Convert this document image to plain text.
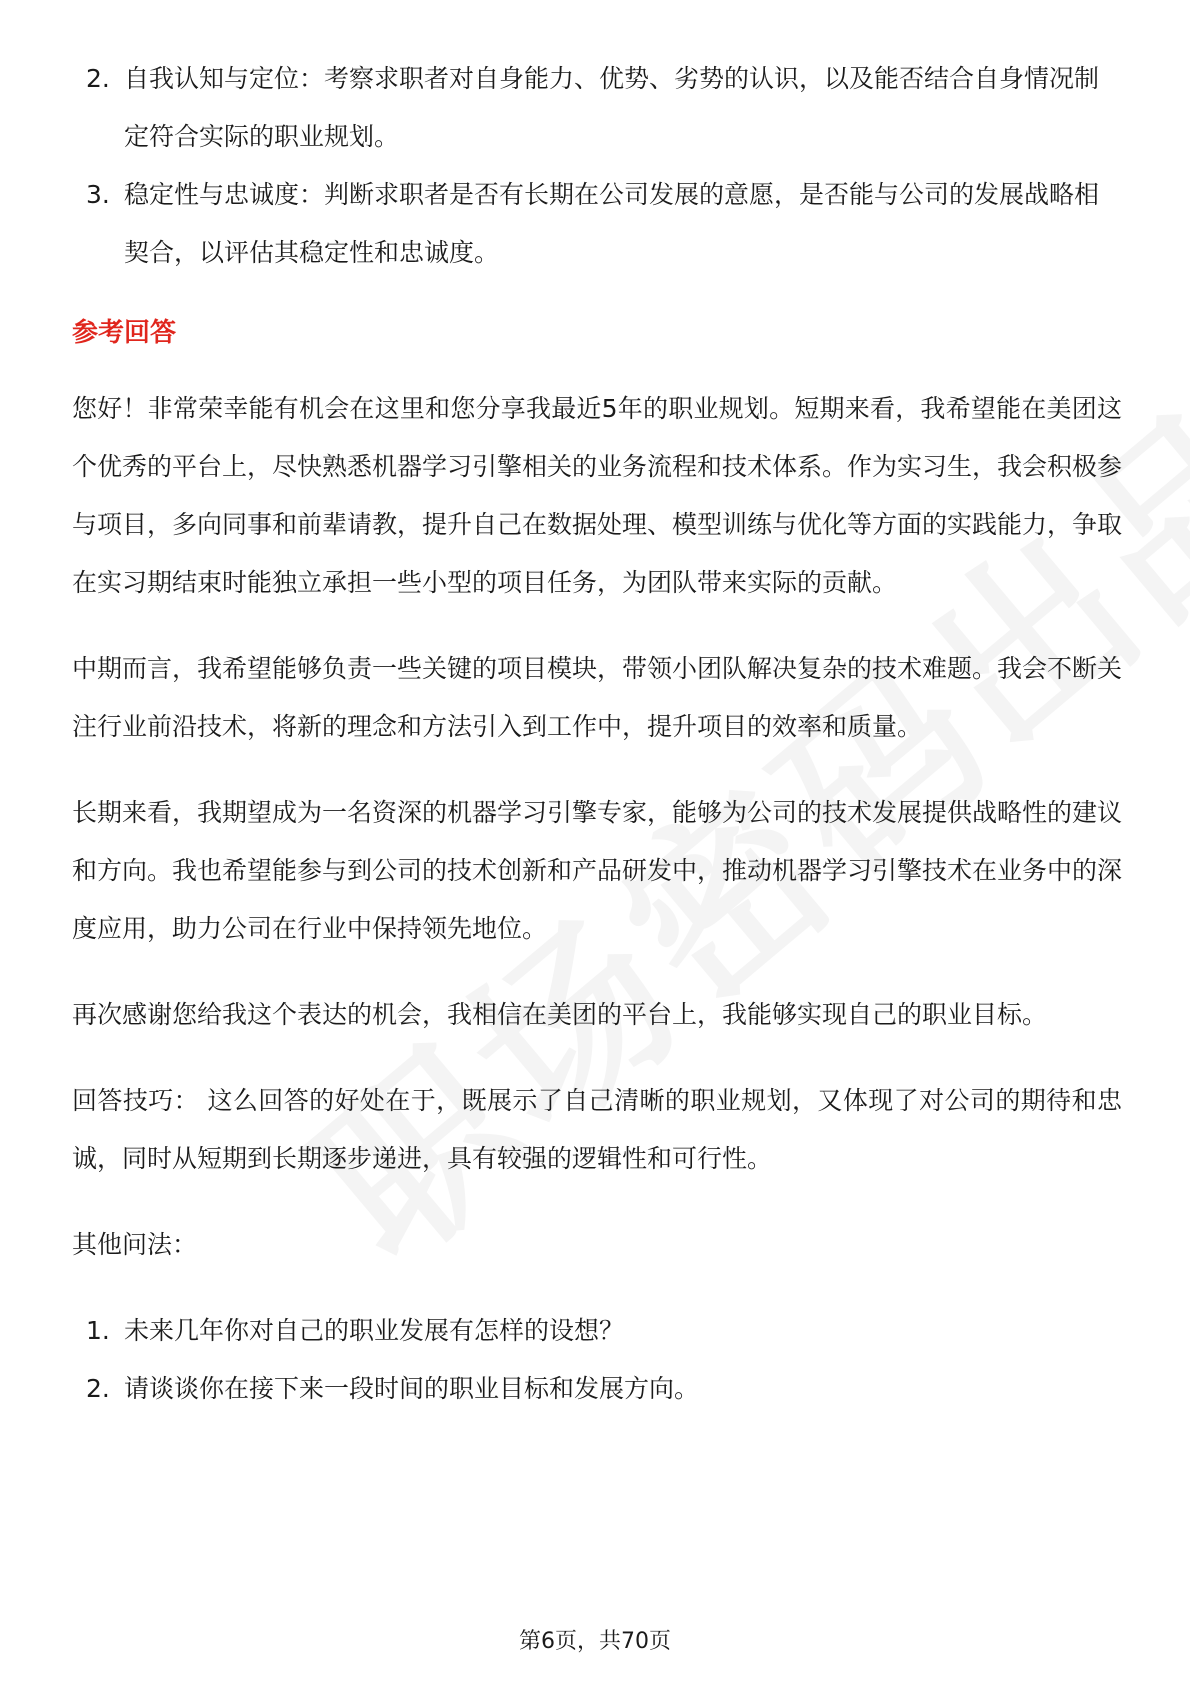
2. 自我认知与定位：考察求职者对自身能力、优势、劣势的认识，以及能否结合自身情况制定符合实际的职业规划。
3. 稳定性与忠诚度：判断求职者是否有长期在公司发展的意愿，是否能与公司的发展战略相契合，以评估其稳定性和忠诚度。
参考回答

您好！非常荣幸能有机会在这里和您分享我最近5年的职业规划。短期来看，我希望能在美团这个优秀的平台上，尽快熟悉机器学习引擎相关的业务流程和技术体系。作为实习生，我会积极参与项目，多向同事和前辈请教，提升自己在数据处理、模型训练与优化等方面的实践能力，争取在实习期结束时能独立承担一些小型的项目任务，为团队带来实际的贡献。

中期而言，我希望能够负责一些关键的项目模块，带领小团队解决复杂的技术难题。我会不断关注行业前沿技术，将新的理念和方法引入到工作中，提升项目的效率和质量。

长期来看，我期望成为一名资深的机器学习引擎专家，能够为公司的技术发展提供战略性的建议和方向。我也希望能参与到公司的技术创新和产品研发中，推动机器学习引擎技术在业务中的深度应用，助力公司在行业中保持领先地位。

再次感谢您给我这个表达的机会，我相信在美团的平台上，我能够实现自己的职业目标。

回答技巧： 这么回答的好处在于，既展示了自己清晰的职业规划，又体现了对公司的期待和忠诚，同时从短期到长期逐步递进，具有较强的逻辑性和可行性。

其他问法：

1. 未来几年你对自己的职业发展有怎样的设想？
2. 请谈谈你在接下来一段时间的职业目标和发展方向。
第6页，共70页
